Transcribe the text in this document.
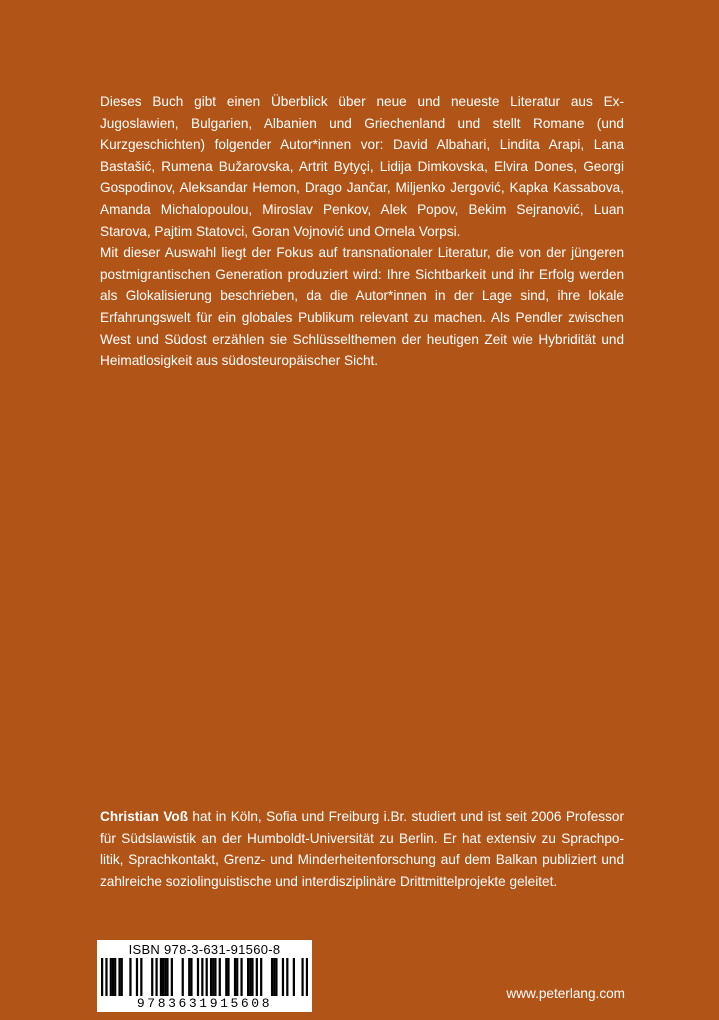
Dieses Buch gibt einen Überblick über neue und neueste Literatur aus Ex-Jugoslawien, Bulgarien, Albanien und Griechenland und stellt Romane (und Kurzgeschichten) folgender Autor*innen vor: David Albahari, Lindita Arapi, Lana Bastašić, Rumena Bužarovska, Artrit Bytyçi, Lidija Dimkovska, Elvira Dones, Georgi Gospodinov, Aleksandar Hemon, Drago Jančar, Miljenko Jergović, Kapka Kassabova, Amanda Michalopoulou, Miroslav Penkov, Alek Popov, Bekim Sejranović, Luan Starova, Pajtim Statovci, Goran Vojnović und Ornela Vorpsi.

Mit dieser Auswahl liegt der Fokus auf transnationaler Literatur, die von der jüngeren postmigrantischen Generation produziert wird: Ihre Sichtbarkeit und ihr Erfolg werden als Glokalisierung beschrieben, da die Autor*innen in der Lage sind, ihre lokale Erfahrungswelt für ein globales Publikum relevant zu machen. Als Pendler zwischen West und Südost erzählen sie Schlüsselthemen der heutigen Zeit wie Hybridität und Heimatlosigkeit aus südosteuropäischer Sicht.

Christian Voß hat in Köln, Sofia und Freiburg i.Br. studiert und ist seit 2006 Professor für Südslawistik an der Humboldt-Universität zu Berlin. Er hat extensiv zu Sprachpolitik, Sprachkontakt, Grenz- und Minderheitenforschung auf dem Balkan publiziert und zahlreiche soziolinguistische und interdisziplinäre Drittmittelprojekte geleitet.

ISBN 978-3-631-91560-8
9783631915608
www.peterlang.com
